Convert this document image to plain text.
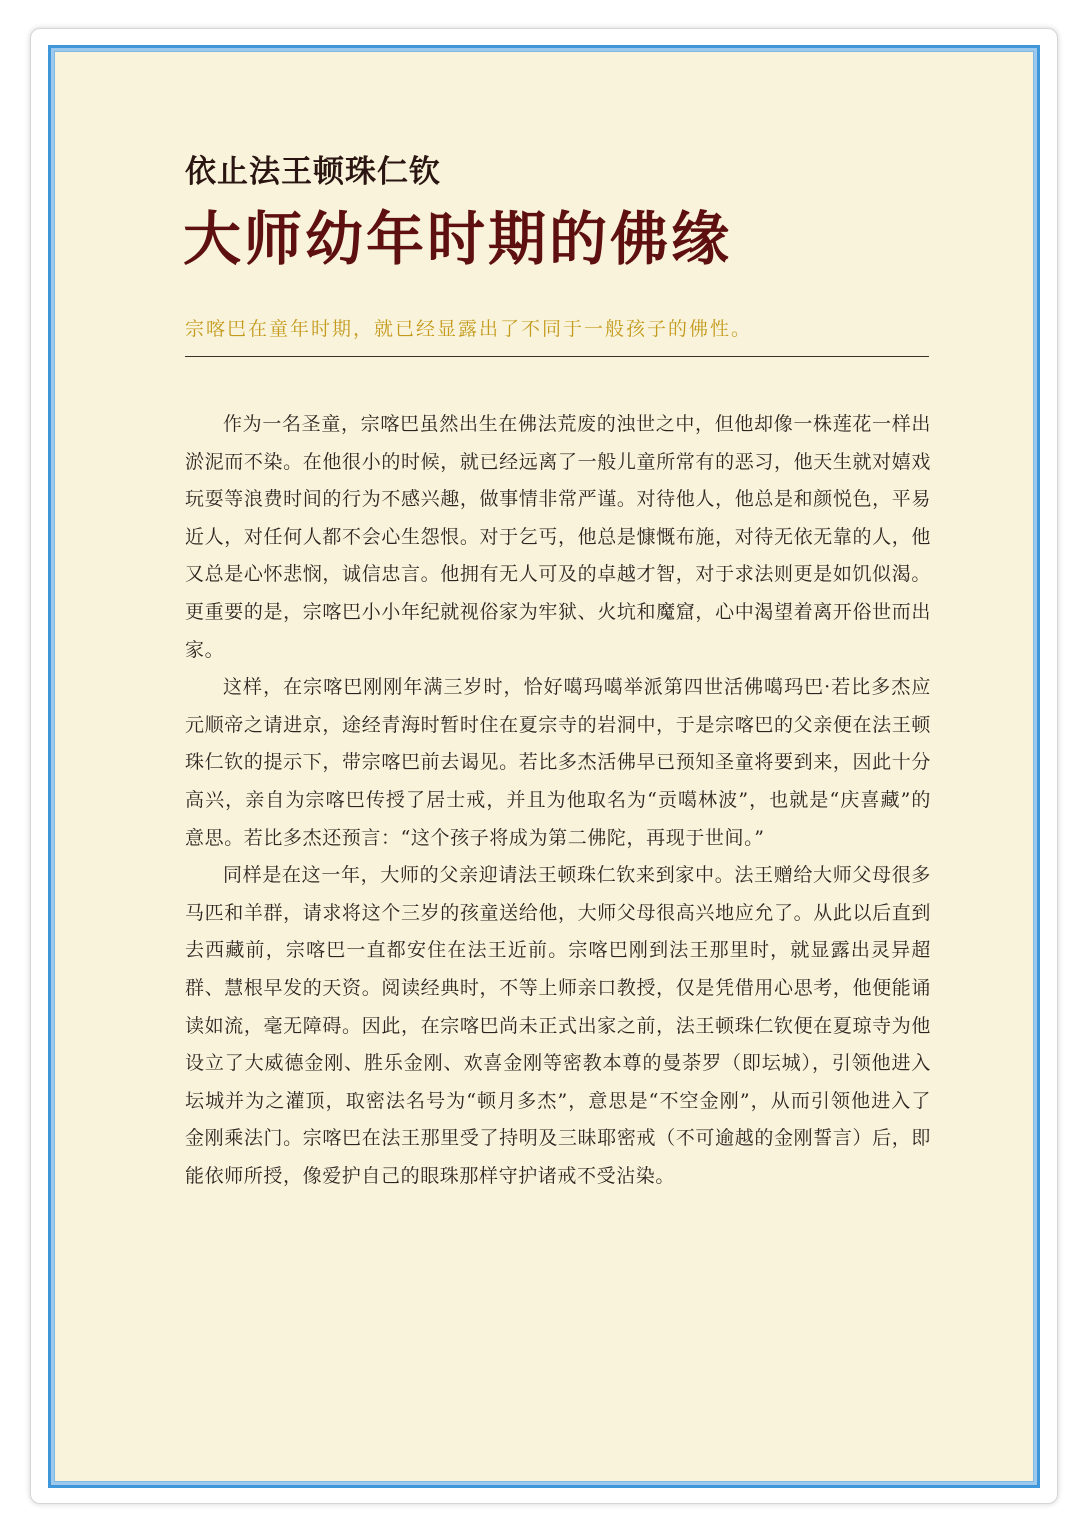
依止法王顿珠仁钦
大师幼年时期的佛缘

宗喀巴在童年时期，就已经显露出了不同于一般孩子的佛性。

作为一名圣童，宗喀巴虽然出生在佛法荒废的浊世之中，但他却像一株莲花一样出淤泥而不染。在他很小的时候，就已经远离了一般儿童所常有的恶习，他天生就对嬉戏玩耍等浪费时间的行为不感兴趣，做事情非常严谨。对待他人，他总是和颜悦色，平易近人，对任何人都不会心生怨恨。对于乞丐，他总是慷慨布施，对待无依无靠的人，他又总是心怀悲悯，诚信忠言。他拥有无人可及的卓越才智，对于求法则更是如饥似渴。更重要的是，宗喀巴小小年纪就视俗家为牢狱、火坑和魔窟，心中渴望着离开俗世而出家。

这样，在宗喀巴刚刚年满三岁时，恰好噶玛噶举派第四世活佛噶玛巴·若比多杰应元顺帝之请进京，途经青海时暂时住在夏宗寺的岩洞中，于是宗喀巴的父亲便在法王顿珠仁钦的提示下，带宗喀巴前去谒见。若比多杰活佛早已预知圣童将要到来，因此十分高兴，亲自为宗喀巴传授了居士戒，并且为他取名为“贡噶林波”，也就是“庆喜藏”的意思。若比多杰还预言：“这个孩子将成为第二佛陀，再现于世间。”

同样是在这一年，大师的父亲迎请法王顿珠仁钦来到家中。法王赠给大师父母很多马匹和羊群，请求将这个三岁的孩童送给他，大师父母很高兴地应允了。从此以后直到去西藏前，宗喀巴一直都安住在法王近前。宗喀巴刚到法王那里时，就显露出灵异超群、慧根早发的天资。阅读经典时，不等上师亲口教授，仅是凭借用心思考，他便能诵读如流，毫无障碍。因此，在宗喀巴尚未正式出家之前，法王顿珠仁钦便在夏琼寺为他设立了大威德金刚、胜乐金刚、欢喜金刚等密教本尊的曼荼罗（即坛城），引领他进入坛城并为之灌顶，取密法名号为“顿月多杰”，意思是“不空金刚”，从而引领他进入了金刚乘法门。宗喀巴在法王那里受了持明及三昧耶密戒（不可逾越的金刚誓言）后，即能依师所授，像爱护自己的眼珠那样守护诸戒不受沾染。
